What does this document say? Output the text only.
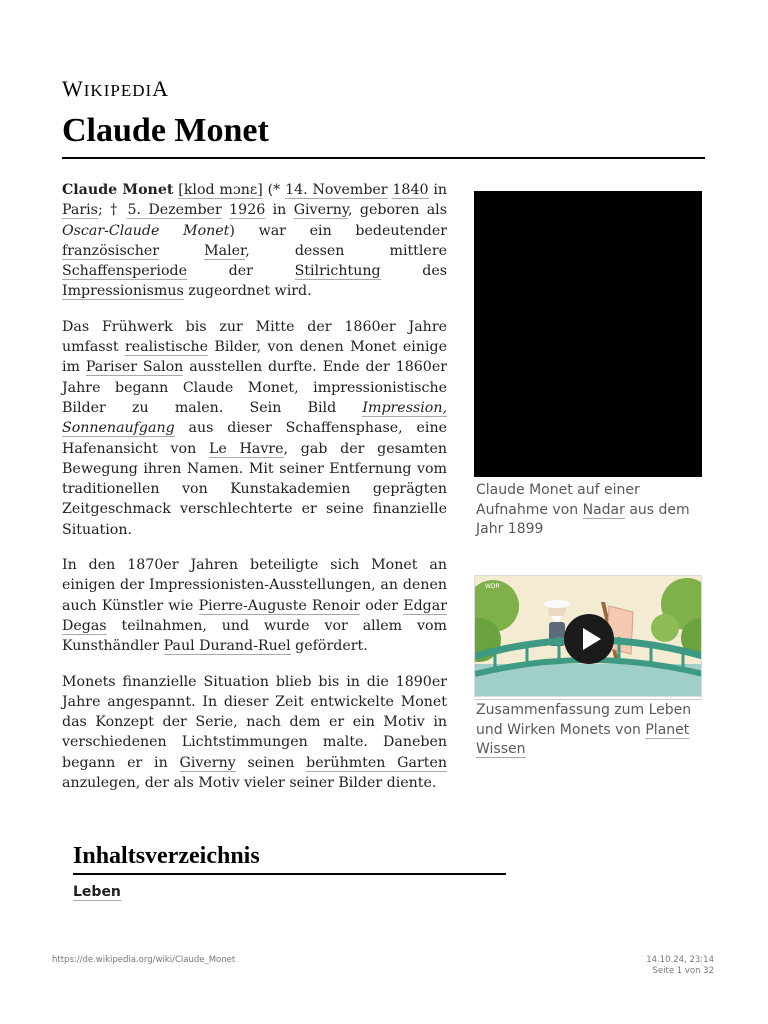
WIKIPEDIA
Claude Monet

Claude Monet [klod mɔnɛ] (* 14. November 1840 in Paris; † 5. Dezember 1926 in Giverny, geboren als Oscar-Claude Monet) war ein bedeutender französischer	Maler, dessen mittlere Schaffensperiode der Stilrichtung des Impressionismus zugeordnet wird.

Das Frühwerk bis zur Mitte der 1860er Jahre umfasst realistische Bilder, von denen Monet einige im Pariser Salon ausstellen durfte. Ende der 1860er Jahre begann Claude Monet, impressionistische Bilder zu malen. Sein Bild Impression, Sonnenaufgang aus dieser Schaffensphase, eine Hafenansicht von Le Havre, gab der gesamten Bewegung ihren Namen. Mit seiner Entfernung vom traditionellen von Kunstakademien geprägten Zeitgeschmack verschlechterte er seine finanzielle Situation.

In den 1870er Jahren beteiligte sich Monet an einigen der Impressionisten-Ausstellungen, an denen auch Künstler wie Pierre-Auguste Renoir oder Edgar Degas teilnahmen, und wurde vor allem vom Kunsthändler Paul Durand-Ruel gefördert.

Monets finanzielle Situation blieb bis in die 1890er Jahre angespannt. In dieser Zeit entwickelte Monet das Konzept der Serie, nach dem er ein Motiv in verschiedenen Lichtstimmungen malte. Daneben begann er in Giverny seinen berühmten Garten anzulegen, der als Motiv vieler seiner Bilder diente.

Claude Monet auf einer Aufnahme von Nadar aus dem Jahr 1899
WDR
Zusammenfassung zum Leben und Wirken Monets von Planet Wissen
Inhaltsverzeichnis
Leben
https://de.wikipedia.org/wiki/Claude_Monet	14.10.24, 23:14
Seite 1 von 32
